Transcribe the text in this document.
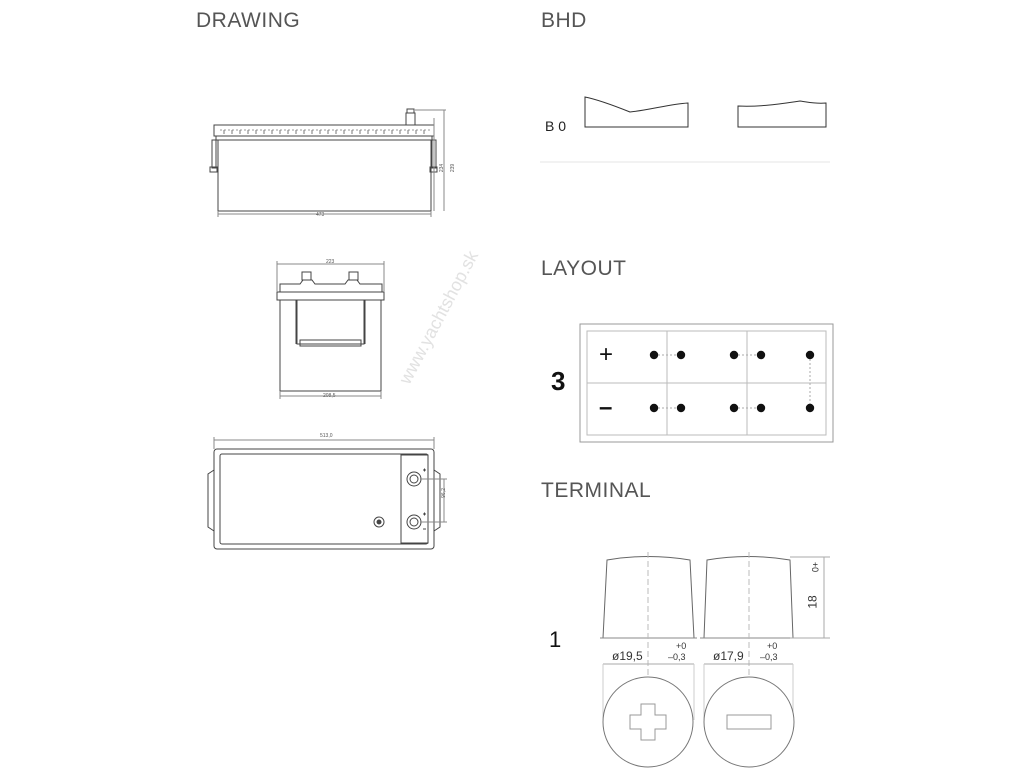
DRAWING	BHD
LAYOUT
TERMINAL
www.yachtshop.sk
B 0
3
+
–
1
ø19,5
+0
–0,3 ø17,9
+0
–0,3
18
+0
473
234 239
223
208,5
513,0
96,2
